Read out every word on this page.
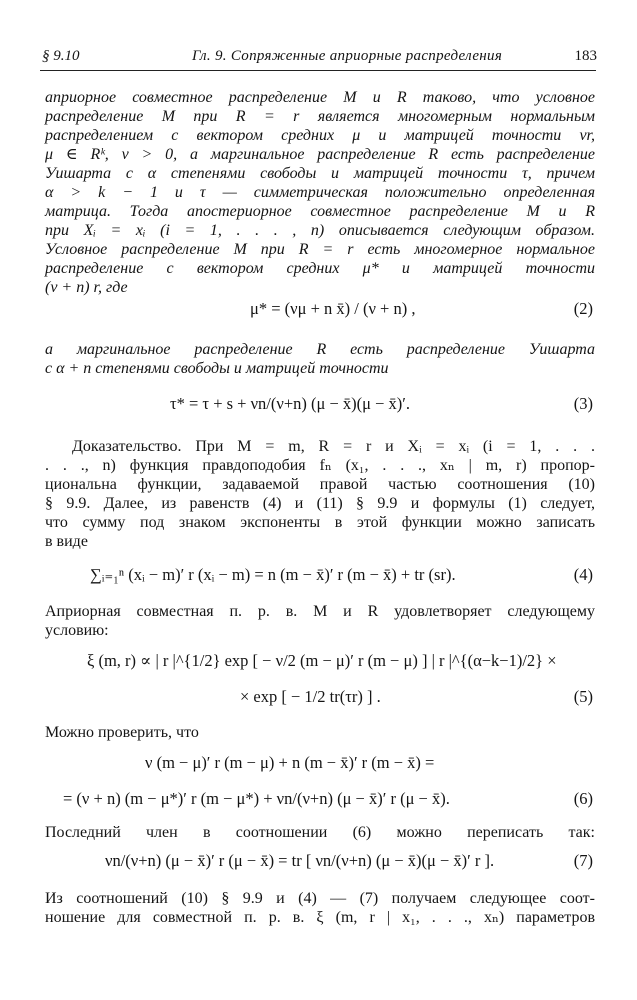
§ 9.10	Гл. 9. Сопряженные априорные распределения	183
априорное совместное распределение M и R таково, что условное
распределение M при R = r является многомерным нормальным
распределением с вектором средних μ и матрицей точности νr,
μ ∈ Rᵏ, ν > 0, а маргинальное распределение R есть распределение
Уишарта с α степенями свободы и матрицей точности τ, причем
α > k − 1 и τ — симметрическая положительно определенная
матрица. Тогда апостериорное совместное распределение M и R
при Xᵢ = xᵢ (i = 1, . . . , n) описывается следующим образом.
Условное распределение M при R = r есть многомерное нормальное
распределение с вектором средних μ* и матрицей точности
(ν + n) r, где
μ* = (νμ + n x̄) / (ν + n) ,	(2)
а маргинальное распределение R есть распределение Уишарта
с α + n степенями свободы и матрицей точности
τ* = τ + s + νn/(ν+n) (μ − x̄)(μ − x̄)′.	(3)
Доказательство. При M = m, R = r и Xᵢ = xᵢ (i = 1, . . .
. . ., n) функция правдоподобия fₙ (x₁, . . ., xₙ | m, r) пропор-
циональна функции, задаваемой правой частью соотношения (10)
§ 9.9. Далее, из равенств (4) и (11) § 9.9 и формулы (1) следует,
что сумму под знаком экспоненты в этой функции можно записать
в виде
∑ᵢ₌₁ⁿ (xᵢ − m)′ r (xᵢ − m) = n (m − x̄)′ r (m − x̄) + tr (sr).	(4)
Априорная совместная п. р. в. M и R удовлетворяет следующему
условию:
ξ (m, r) ∝ | r |^{1/2} exp [ − ν/2 (m − μ)′ r (m − μ) ] | r |^{(α−k−1)/2} ×
× exp [ − 1/2 tr(τr) ] .	(5)
Можно проверить, что
ν (m − μ)′ r (m − μ) + n (m − x̄)′ r (m − x̄) =
= (ν + n) (m − μ*)′ r (m − μ*) + νn/(ν+n) (μ − x̄)′ r (μ − x̄).	(6)
Последний член в соотношении (6) можно переписать так:
νn/(ν+n) (μ − x̄)′ r (μ − x̄) = tr [ νn/(ν+n) (μ − x̄)(μ − x̄)′ r ].	(7)
Из соотношений (10) § 9.9 и (4) — (7) получаем следующее соот-
ношение для совместной п. р. в. ξ (m, r | x₁, . . ., xₙ) параметров
